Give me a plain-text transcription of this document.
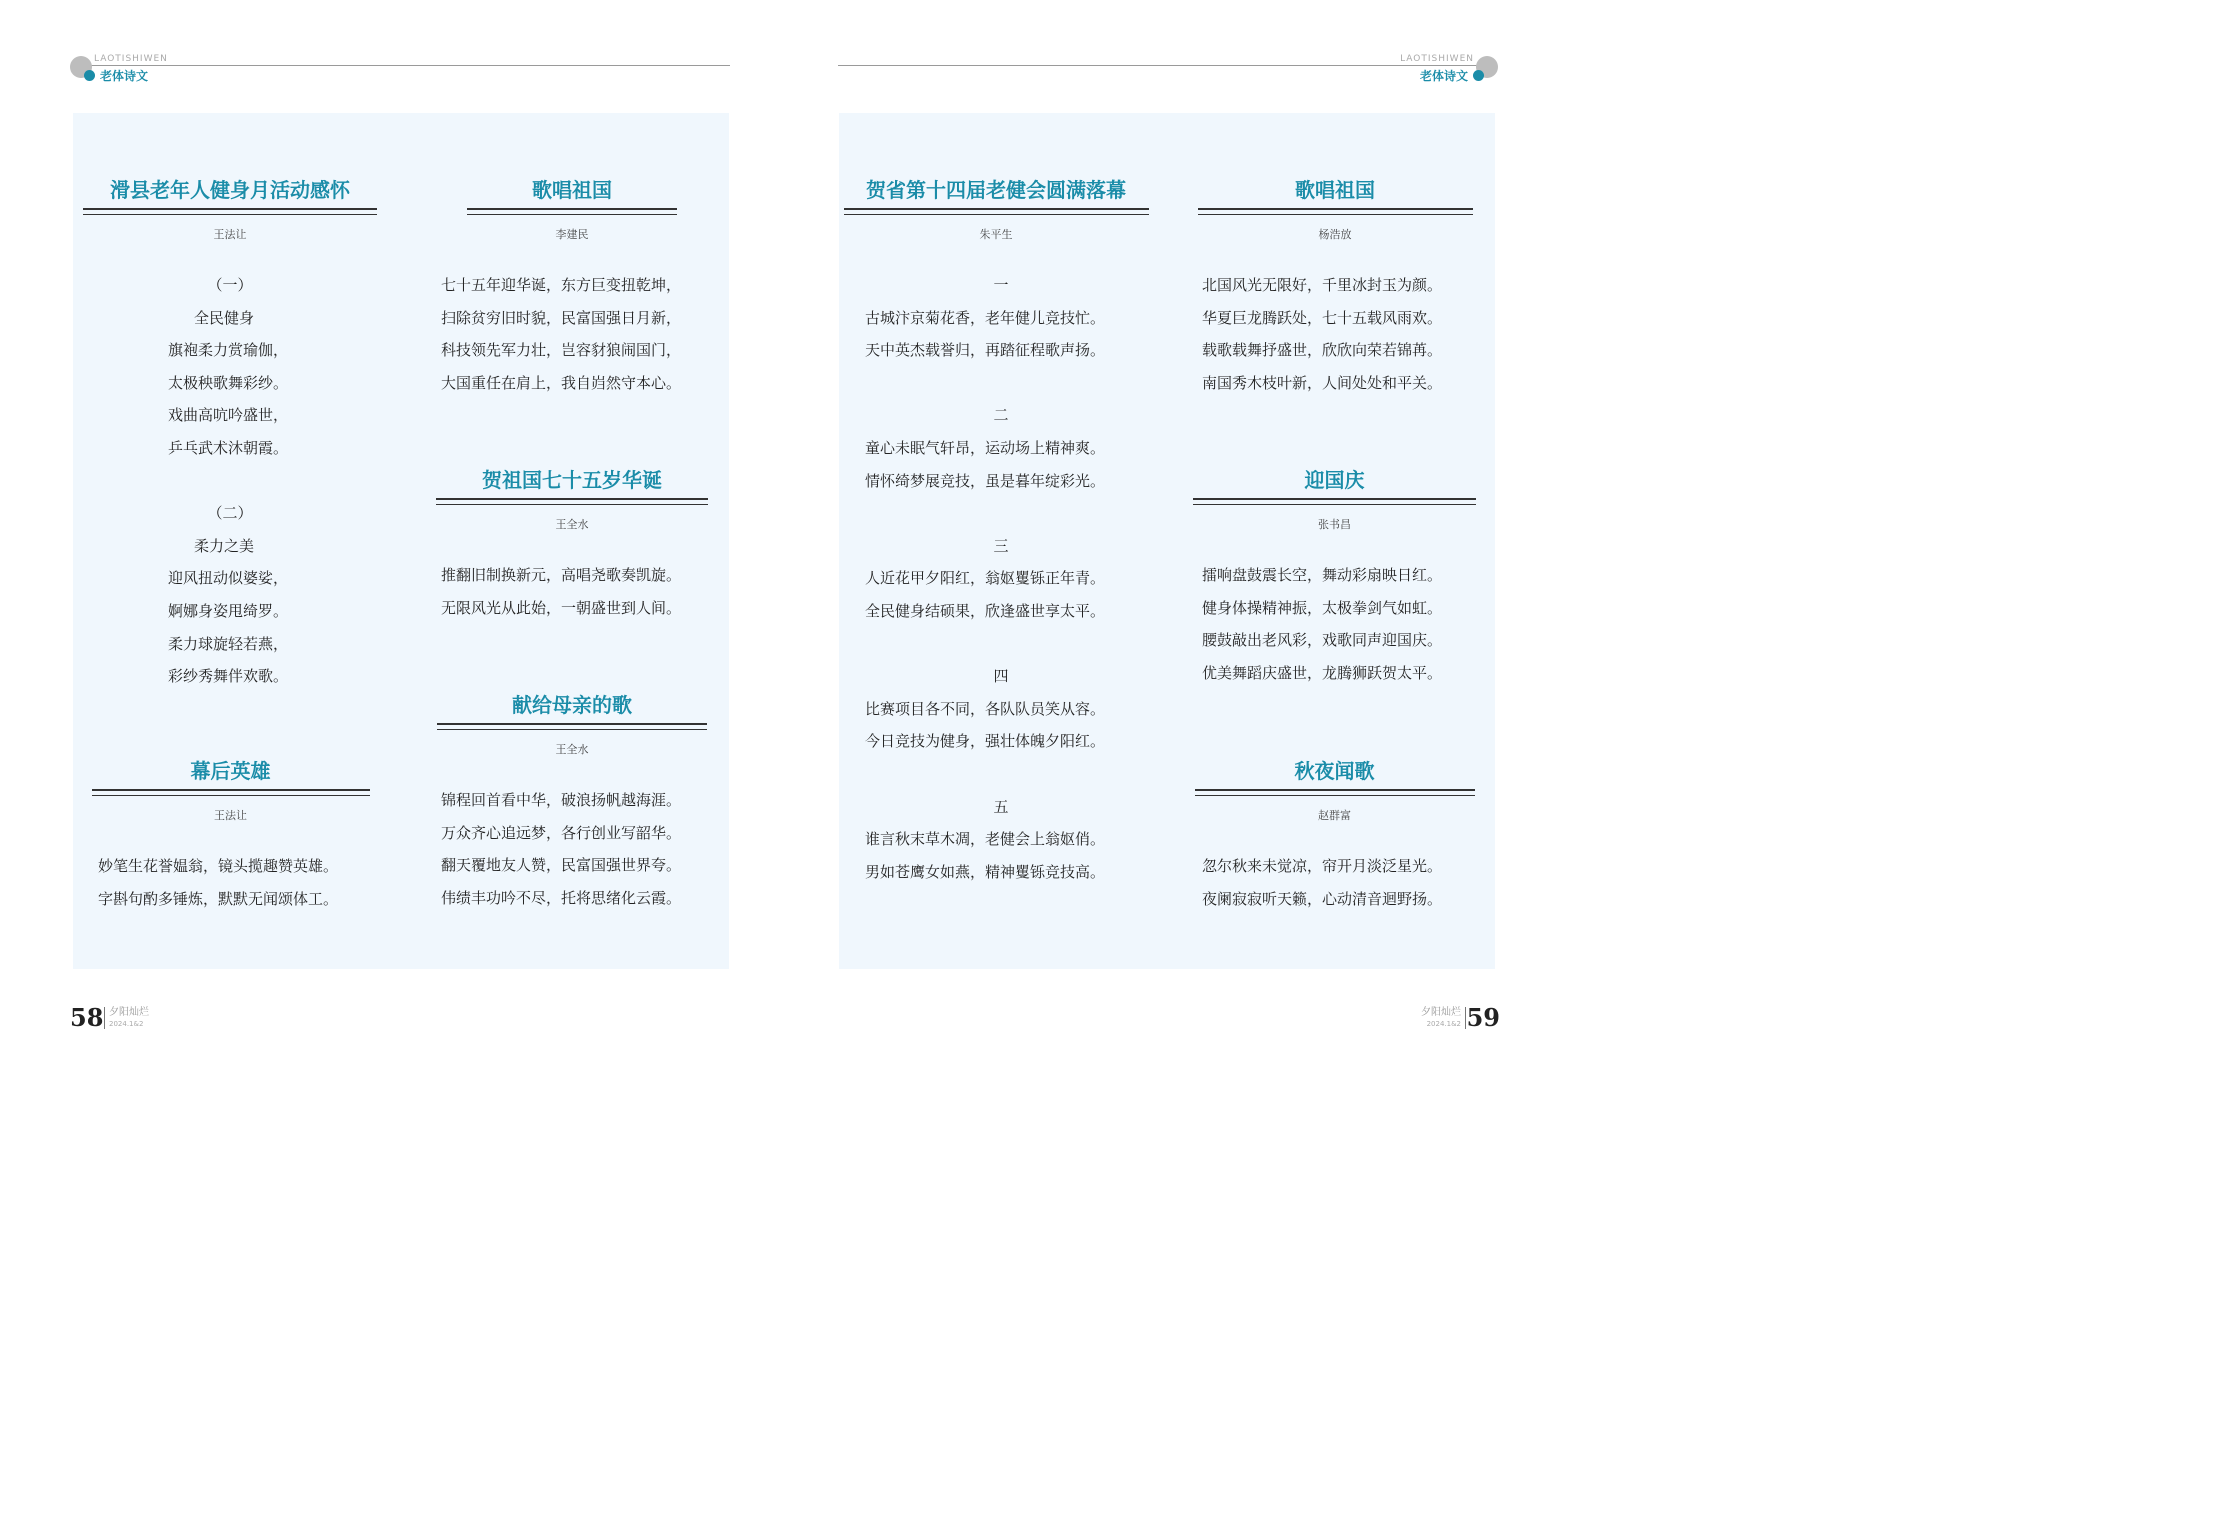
LAOTISHIWEN
老体诗文
LAOTISHIWEN
老体诗文
滑县老年人健身月活动感怀
王法让
（一）
全民健身
旗袍柔力赏瑜伽，
太极秧歌舞彩纱。
戏曲高吭吟盛世，
乒乓武术沐朝霞。
（二）
柔力之美
迎风扭动似婆娑，
婀娜身姿甩绮罗。
柔力球旋轻若燕，
彩纱秀舞伴欢歌。
幕后英雄
王法让
妙笔生花誉媪翁，镜头揽趣赞英雄。
字斟句酌多锤炼，默默无闻颂体工。
歌唱祖国
李建民
七十五年迎华诞，东方巨变扭乾坤，
扫除贫穷旧时貌，民富国强日月新，
科技领先军力壮，岂容豺狼闹国门，
大国重任在肩上，我自岿然守本心。
贺祖国七十五岁华诞
王全水
推翻旧制换新元，高唱尧歌奏凯旋。
无限风光从此始，一朝盛世到人间。
献给母亲的歌
王全水
锦程回首看中华，破浪扬帆越海涯。
万众齐心追远梦，各行创业写韶华。
翻天覆地友人赞，民富国强世界夸。
伟绩丰功吟不尽，托将思绪化云霞。
贺省第十四届老健会圆满落幕
朱平生
一
古城汴京菊花香，老年健儿竞技忙。
天中英杰载誉归，再踏征程歌声扬。
二
童心未眠气轩昂，运动场上精神爽。
情怀绮梦展竞技，虽是暮年绽彩光。
三
人近花甲夕阳红，翁妪矍铄正年青。
全民健身结硕果，欣逢盛世享太平。
四
比赛项目各不同，各队队员笑从容。
今日竞技为健身，强壮体魄夕阳红。
五
谁言秋末草木凋，老健会上翁妪俏。
男如苍鹰女如燕，精神矍铄竞技高。
歌唱祖国
杨浩放
北国风光无限好，千里冰封玉为颜。
华夏巨龙腾跃处，七十五载风雨欢。
载歌载舞抒盛世，欣欣向荣若锦苒。
南国秀木枝叶新，人间处处和平关。
迎国庆
张书昌
擂响盘鼓震长空，舞动彩扇映日红。
健身体操精神振，太极拳剑气如虹。
腰鼓敲出老风彩，戏歌同声迎国庆。
优美舞蹈庆盛世，龙腾狮跃贺太平。
秋夜闻歌
赵群富
忽尔秋来未觉凉，帘开月淡泛星光。
夜阑寂寂听天籁，心动清音迴野扬。
58 夕阳灿烂
2024.1&2	59
夕阳灿烂
2024.1&2
